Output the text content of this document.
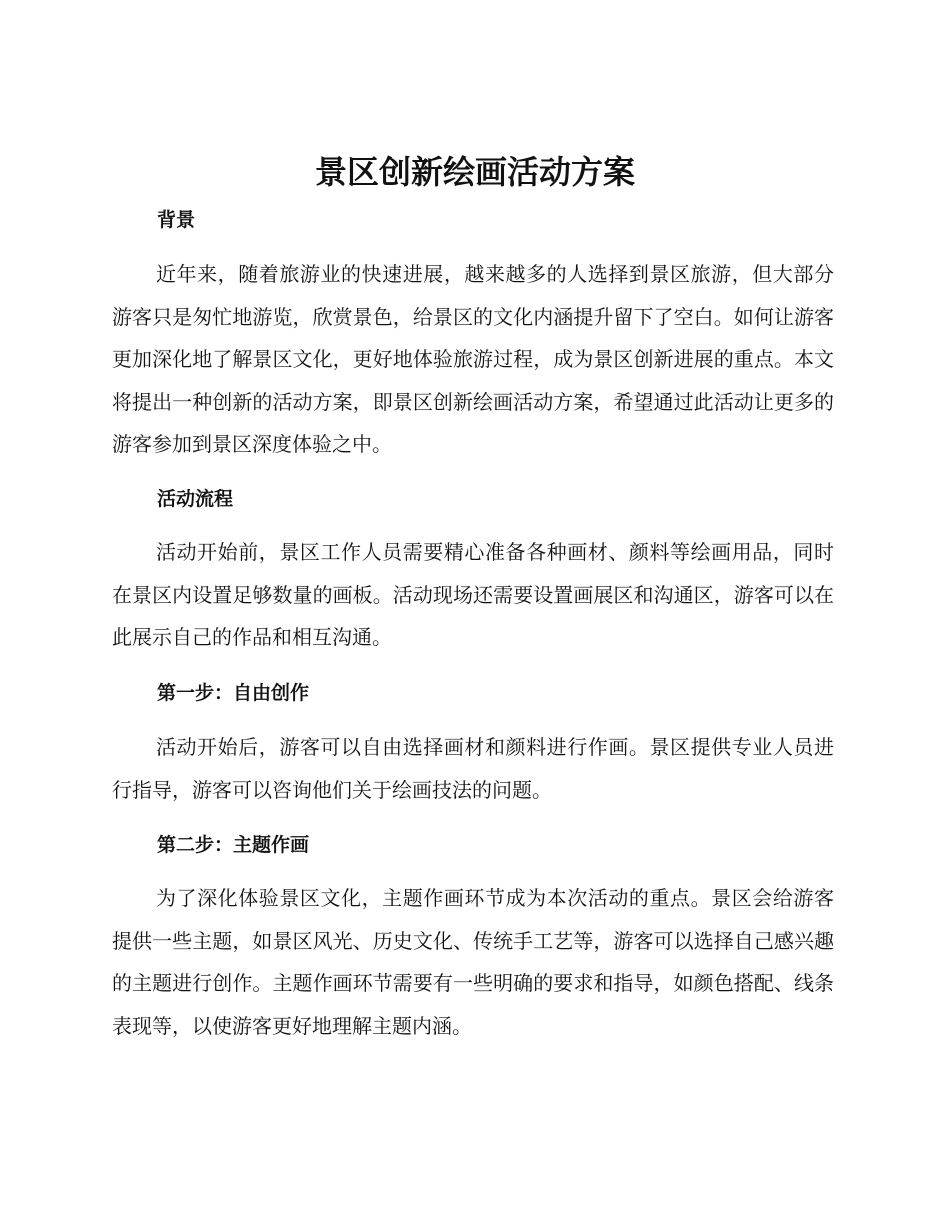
景区创新绘画活动方案
背景

近年来，随着旅游业的快速进展，越来越多的人选择到景区旅游，但大部分游客只是匆忙地游览，欣赏景色，给景区的文化内涵提升留下了空白。如何让游客更加深化地了解景区文化，更好地体验旅游过程，成为景区创新进展的重点。本文将提出一种创新的活动方案，即景区创新绘画活动方案，希望通过此活动让更多的游客参加到景区深度体验之中。

活动流程

活动开始前，景区工作人员需要精心准备各种画材、颜料等绘画用品，同时在景区内设置足够数量的画板。活动现场还需要设置画展区和沟通区，游客可以在此展示自己的作品和相互沟通。

第一步：自由创作

活动开始后，游客可以自由选择画材和颜料进行作画。景区提供专业人员进行指导，游客可以咨询他们关于绘画技法的问题。

第二步：主题作画

为了深化体验景区文化，主题作画环节成为本次活动的重点。景区会给游客提供一些主题，如景区风光、历史文化、传统手工艺等，游客可以选择自己感兴趣的主题进行创作。主题作画环节需要有一些明确的要求和指导，如颜色搭配、线条表现等，以使游客更好地理解主题内涵。
